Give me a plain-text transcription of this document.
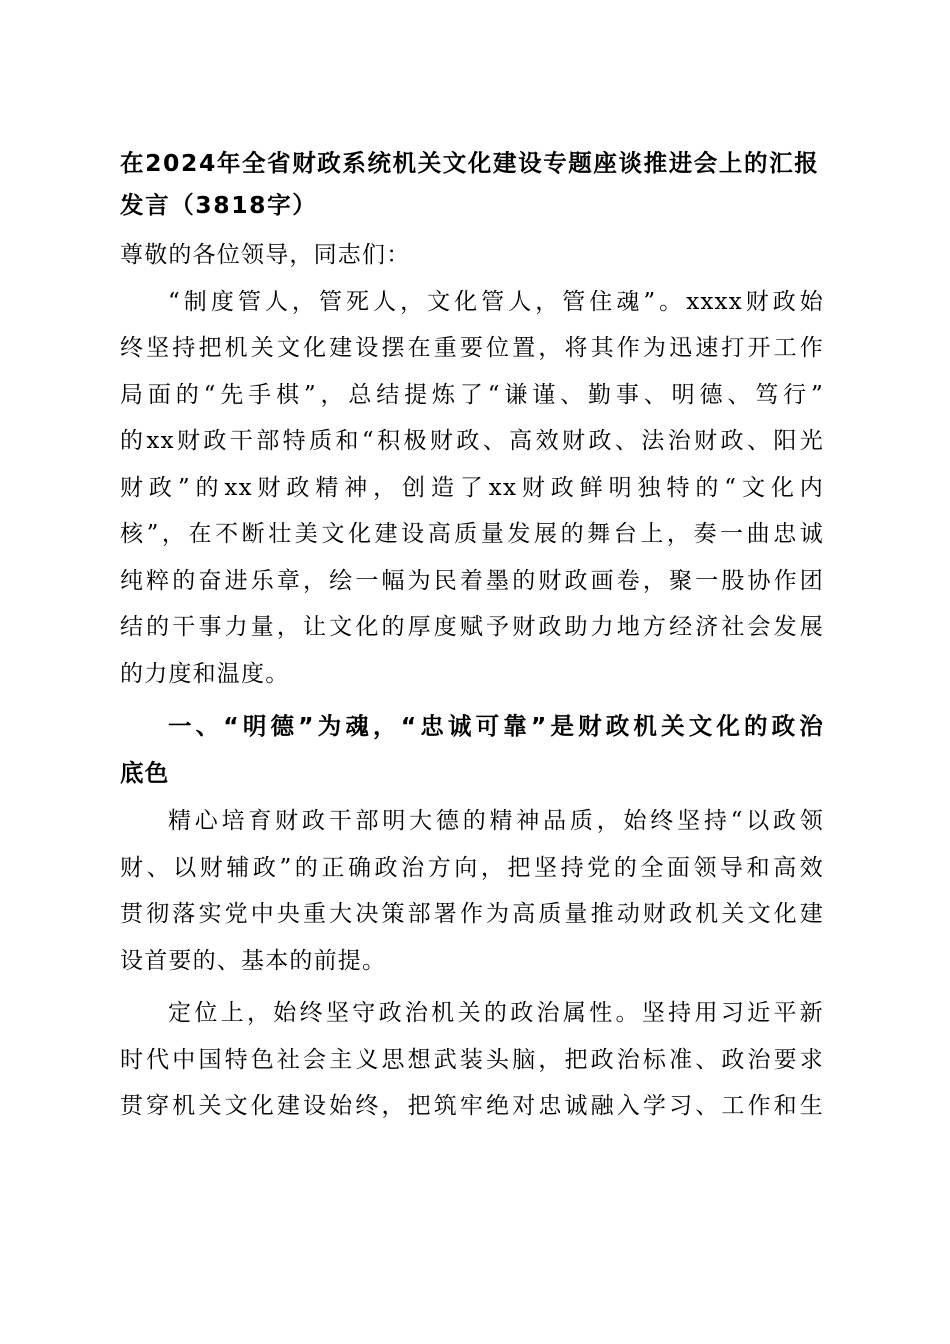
在2024年全省财政系统机关文化建设专题座谈推进会上的汇报
发言（3818字）

尊敬的各位领导，同志们：

“制度管人，管死人，文化管人，管住魂”。xxxx财政始
终坚持把机关文化建设摆在重要位置，将其作为迅速打开工作
局面的“先手棋”，总结提炼了“谦谨、勤事、明德、笃行”
的xx财政干部特质和“积极财政、高效财政、法治财政、阳光
财政”的xx财政精神，创造了xx财政鲜明独特的“文化内
核”，在不断壮美文化建设高质量发展的舞台上，奏一曲忠诚
纯粹的奋进乐章，绘一幅为民着墨的财政画卷，聚一股协作团
结的干事力量，让文化的厚度赋予财政助力地方经济社会发展
的力度和温度。

一、“明德”为魂，“忠诚可靠”是财政机关文化的政治
底色

精心培育财政干部明大德的精神品质，始终坚持“以政领
财、以财辅政”的正确政治方向，把坚持党的全面领导和高效
贯彻落实党中央重大决策部署作为高质量推动财政机关文化建
设首要的、基本的前提。

定位上，始终坚守政治机关的政治属性。坚持用习近平新
时代中国特色社会主义思想武装头脑，把政治标准、政治要求
贯穿机关文化建设始终，把筑牢绝对忠诚融入学习、工作和生
